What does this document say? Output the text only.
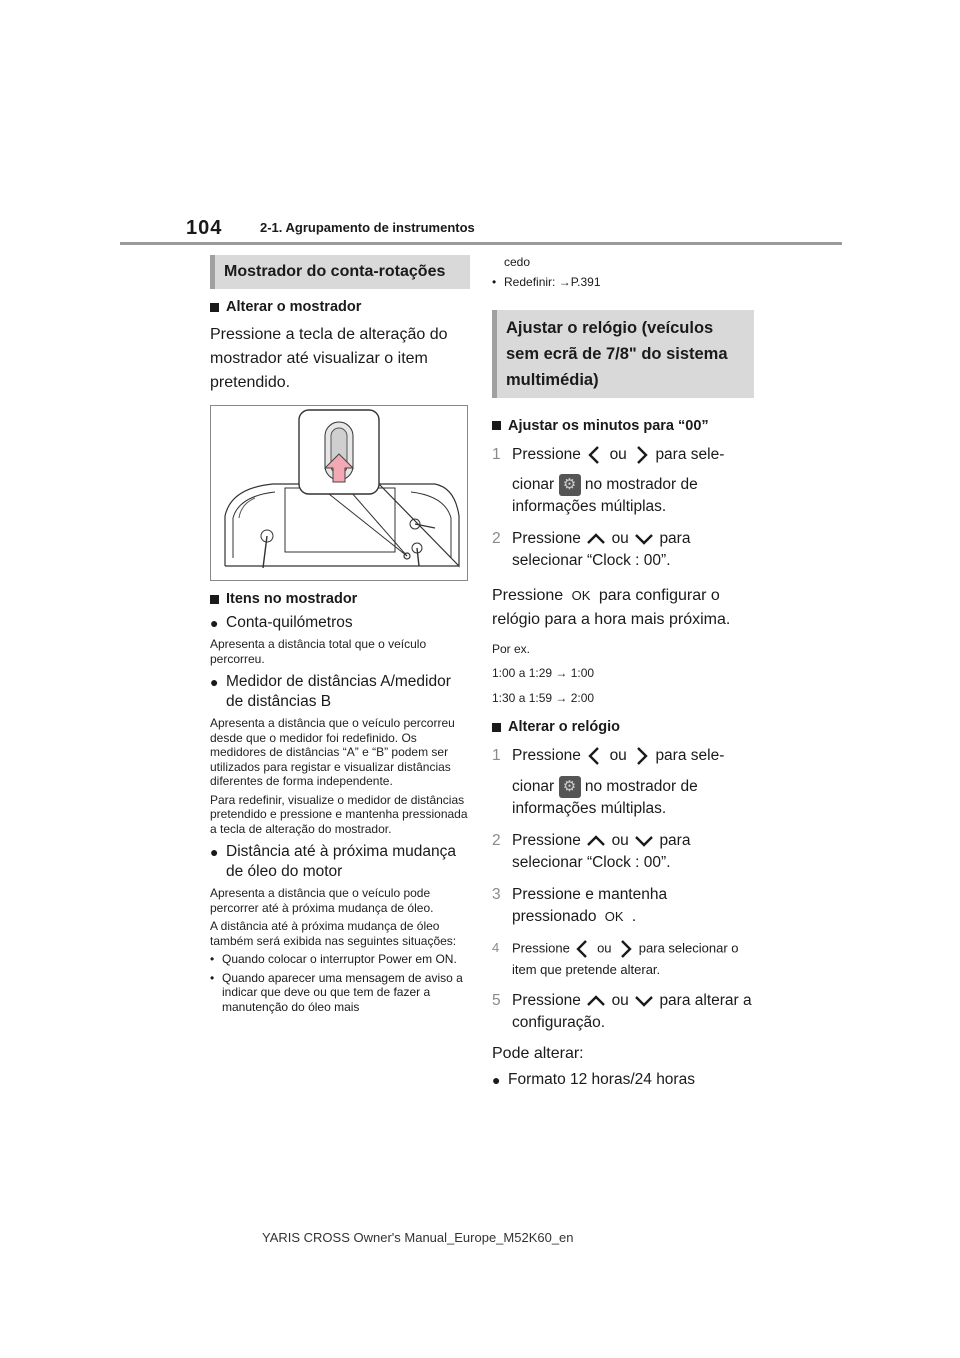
104	2-1. Agrupamento de instrumentos
Mostrador do conta-rotações
Alterar o mostrador
Pressione a tecla de alteração do mostrador até visualizar o item pretendido.
Itens no mostrador
● Conta-quilómetros
Apresenta a distância total que o veículo percorreu.
● Medidor de distâncias A/medidor de distâncias B
Apresenta a distância que o veículo percorreu desde que o medidor foi redefinido. Os medidores de distâncias “A” e “B” podem ser utilizados para registar e visualizar distâncias diferentes de forma independente.
Para redefinir, visualize o medidor de distâncias pretendido e pressione e mantenha pressionada a tecla de alteração do mostrador.
● Distância até à próxima mudança de óleo do motor
Apresenta a distância que o veículo pode percorrer até à próxima mudança de óleo.
A distância até à próxima mudança de óleo também será exibida nas seguintes situações:
• Quando colocar o interruptor Power em ON.
• Quando aparecer uma mensagem de aviso a indicar que deve ou que tem de fazer a manutenção do óleo mais
cedo
• Redefinir: →P.391
Ajustar o relógio (veículos sem ecrã de 7/8" do sistema multimédia)
Ajustar os minutos para “00”
1 Pressione ou para sele-
cionar ⚙ no mostrador de informações múltiplas.
2 Pressione ou para selecionar “Clock : 00”.
Pressione OK para configurar o relógio para a hora mais próxima.
Por ex.
1:00 a 1:29 → 1:00
1:30 a 1:59 → 2:00
Alterar o relógio
1 Pressione ou para sele-
cionar ⚙ no mostrador de informações múltiplas.
2 Pressione ou para selecionar “Clock : 00”.
3 Pressione e mantenha pressionado OK .
4 Pressione ou para selecionar o item que pretende alterar.
5 Pressione ou para alterar a configuração.
Pode alterar:
● Formato 12 horas/24 horas
YARIS CROSS Owner's Manual_Europe_M52K60_en
